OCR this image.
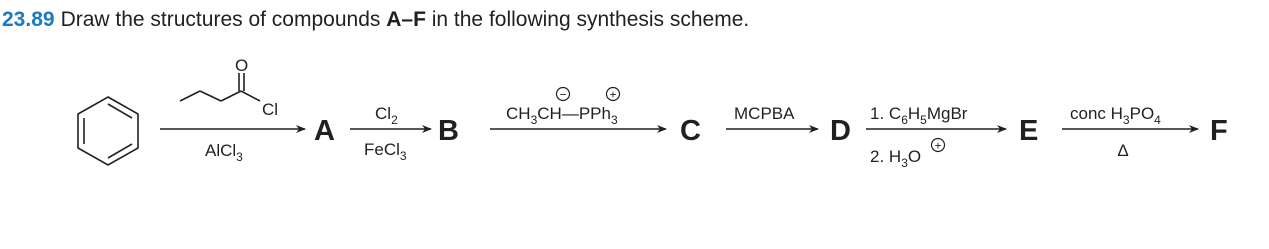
23.89 Draw the structures of compounds A–F in the following synthesis scheme.
O
Cl
AlCl$_3$
A
$Cl_2$
FeCl$_3$
B
$CH_3CH—PPh_3$
−	+
C
MCPBA
D
1. $C_6H_5MgBr$
2. $H_3O$
+	E
conc $H_3PO_4$
Δ
F
